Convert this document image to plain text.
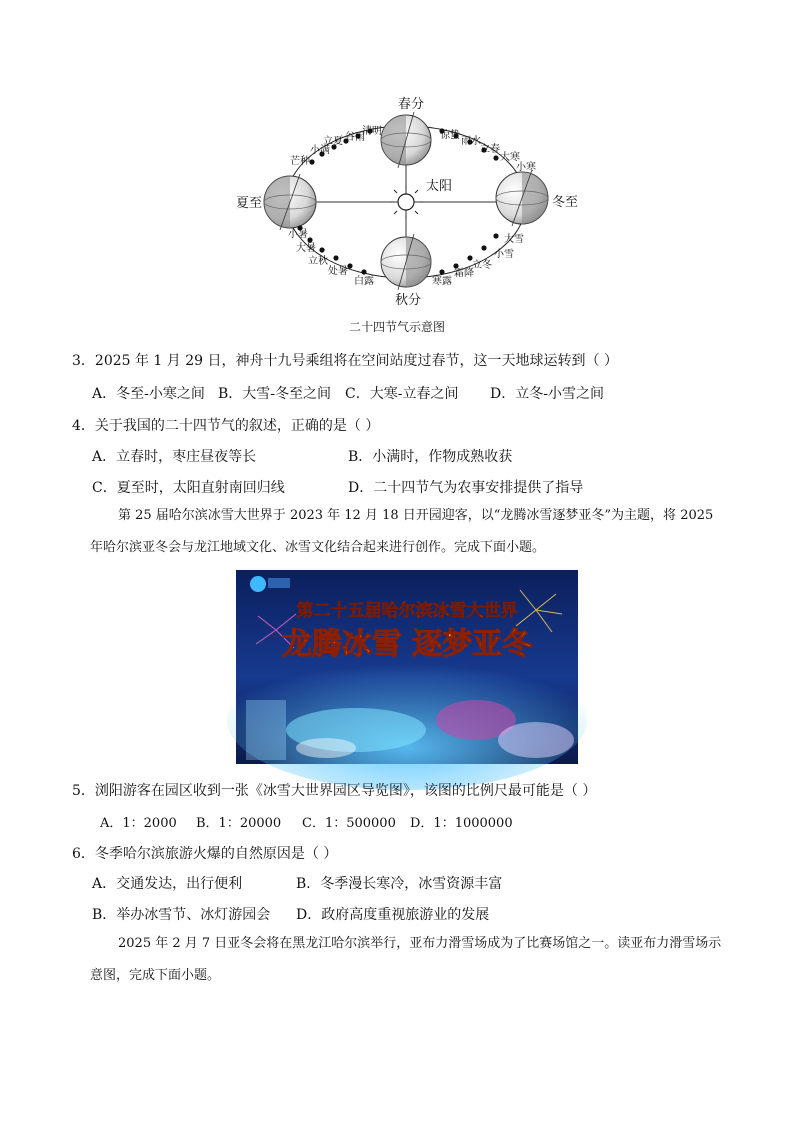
春分
夏至	冬至
秋分
太阳
清明
谷雨
立夏
小满
芒种
惊蛰
雨水
立春
大寒
小寒
小暑
大暑
立秋
处暑
白露
大雪
小雪
立冬
霜降
寒露
二十四节气示意图
3．2025 年 1 月 29 日，神舟十九号乘组将在空间站度过春节，这一天地球运转到（ ）
A．冬至-小寒之间 B．大雪-冬至之间 C．大寒-立春之间 D．立冬-小雪之间
4．关于我国的二十四节气的叙述，正确的是（ ）
A．立春时，枣庄昼夜等长	B．小满时，作物成熟收获
C．夏至时，太阳直射南回归线	D．二十四节气为农事安排提供了指导
第 25 届哈尔滨冰雪大世界于 2023 年 12 月 18 日开园迎客，以“龙腾冰雪逐梦亚冬”为主题，将 2025 年哈尔滨亚冬会与龙江地域文化、冰雪文化结合起来进行创作。完成下面小题。
第二十五届哈尔滨冰雪大世界
龙腾冰雪 逐梦亚冬
5．浏阳游客在园区收到一张《冰雪大世界园区导览图》，该图的比例尺最可能是（ ）
A．1：2000 B．1：20000 C．1：500000 D．1：1000000
6．冬季哈尔滨旅游火爆的自然原因是（ ）
A．交通发达，出行便利	B．冬季漫长寒冷，冰雪资源丰富
B．举办冰雪节、冰灯游园会 D．政府高度重视旅游业的发展
2025 年 2 月 7 日亚冬会将在黑龙江哈尔滨举行，亚布力滑雪场成为了比赛场馆之一。读亚布力滑雪场示意图，完成下面小题。
